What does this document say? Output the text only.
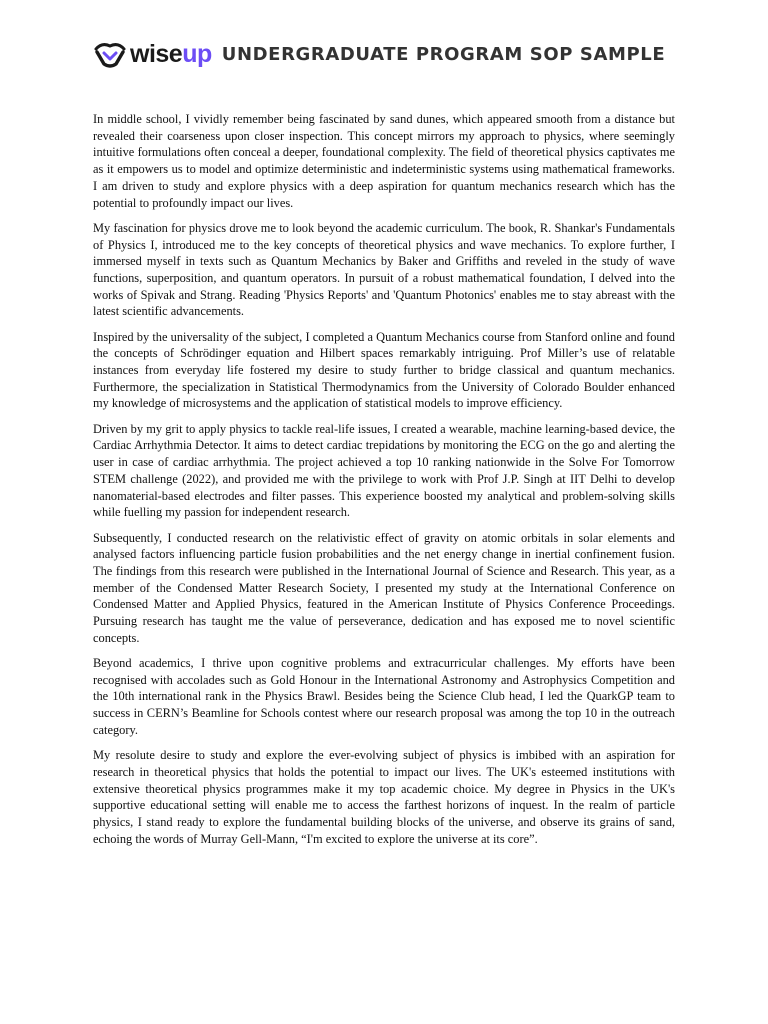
wiseup UNDERGRADUATE PROGRAM SOP SAMPLE

In middle school, I vividly remember being fascinated by sand dunes, which appeared smooth from a distance but revealed their coarseness upon closer inspection. This concept mirrors my approach to physics, where seemingly intuitive formulations often conceal a deeper, foundational complexity. The field of theoretical physics captivates me as it empowers us to model and optimize deterministic and indeterministic systems using mathematical frameworks. I am driven to study and explore physics with a deep aspiration for quantum mechanics research which has the potential to profoundly impact our lives.

My fascination for physics drove me to look beyond the academic curriculum. The book, R. Shankar's Fundamentals of Physics I, introduced me to the key concepts of theoretical physics and wave mechanics. To explore further, I immersed myself in texts such as Quantum Mechanics by Baker and Griffiths and reveled in the study of wave functions, superposition, and quantum operators. In pursuit of a robust mathematical foundation, I delved into the works of Spivak and Strang. Reading 'Physics Reports' and 'Quantum Photonics' enables me to stay abreast with the latest scientific advancements.

Inspired by the universality of the subject, I completed a Quantum Mechanics course from Stanford online and found the concepts of Schrödinger equation and Hilbert spaces remarkably intriguing. Prof Miller’s use of relatable instances from everyday life fostered my desire to study further to bridge classical and quantum mechanics. Furthermore, the specialization in Statistical Thermodynamics from the University of Colorado Boulder enhanced my knowledge of microsystems and the application of statistical models to improve efficiency.

Driven by my grit to apply physics to tackle real-life issues, I created a wearable, machine learning-based device, the Cardiac Arrhythmia Detector. It aims to detect cardiac trepidations by monitoring the ECG on the go and alerting the user in case of cardiac arrhythmia. The project achieved a top 10 ranking nationwide in the Solve For Tomorrow STEM challenge (2022), and provided me with the privilege to work with Prof J.P. Singh at IIT Delhi to develop nanomaterial-based electrodes and filter passes. This experience boosted my analytical and problem-solving skills while fuelling my passion for independent research.

Subsequently, I conducted research on the relativistic effect of gravity on atomic orbitals in solar elements and analysed factors influencing particle fusion probabilities and the net energy change in inertial confinement fusion. The findings from this research were published in the International Journal of Science and Research. This year, as a member of the Condensed Matter Research Society, I presented my study at the International Conference on Condensed Matter and Applied Physics, featured in the American Institute of Physics Conference Proceedings. Pursuing research has taught me the value of perseverance, dedication and has exposed me to novel scientific concepts.

Beyond academics, I thrive upon cognitive problems and extracurricular challenges. My efforts have been recognised with accolades such as Gold Honour in the International Astronomy and Astrophysics Competition and the 10th international rank in the Physics Brawl. Besides being the Science Club head, I led the QuarkGP team to success in CERN’s Beamline for Schools contest where our research proposal was among the top 10 in the outreach category.

My resolute desire to study and explore the ever-evolving subject of physics is imbibed with an aspiration for research in theoretical physics that holds the potential to impact our lives. The UK's esteemed institutions with extensive theoretical physics programmes make it my top academic choice. My degree in Physics in the UK's supportive educational setting will enable me to access the farthest horizons of inquest. In the realm of particle physics, I stand ready to explore the fundamental building blocks of the universe, and observe its grains of sand, echoing the words of Murray Gell-Mann, “I'm excited to explore the universe at its core”.
